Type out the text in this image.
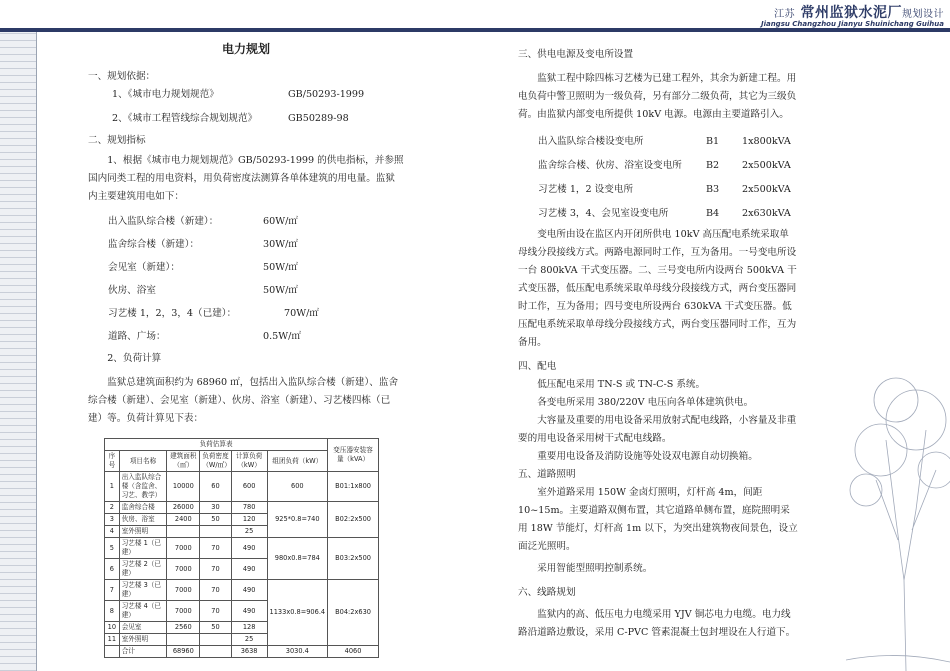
江苏 常州监狱水泥厂规划设计
Jiangsu Changzhou Jianyu Shuinichang Guihua
电力规划

一、规划依据：

1、《城市电力规划规范》	GB/50293-1999
2、《城市工程管线综合规划规范》	GB50289-98

二、规划指标

1、根据《城市电力规划规范》GB/50293-1999 的供电指标，并参照国内同类工程的用电资料，用负荷密度法测算各单体建筑的用电量。监狱内主要建筑用电如下：

出入监队综合楼（新建）：	60W/㎡
监舍综合楼（新建）：	30W/㎡
会见室（新建）：	50W/㎡
伙房、浴室	50W/㎡
习艺楼 1，2，3，4（已建）：	70W/㎡
道路、广场：	0.5W/㎡

2、负荷计算

监狱总建筑面积约为 68960 ㎡，包括出入监队综合楼（新建）、监舍综合楼（新建）、会见室（新建）、伙房、浴室（新建）、习艺楼四栋（已建）等。负荷计算见下表：

负荷估算表						变压器安装容量（kVA）
序号	项目名称	建筑面积（㎡）	负荷密度（W/㎡）	计算负荷（kW）	组团负荷（kW）	
1	出入监队综合楼（含监舍、习艺、教学）	10000	60	600	600	B01:1x800
2	监舍综合楼	26000	30	780	925*0.8=740	B02:2x500
3	伙房、浴室	2400	50	120		
4	室外照明			25		
5	习艺楼 1（已建）	7000	70	490	980x0.8=784	B03:2x500
6	习艺楼 2（已建）	7000	70	490		
7	习艺楼 3（已建）	7000	70	490	1133x0.8=906.4	B04:2x630
8	习艺楼 4（已建）	7000	70	490		
10	会见室	2560	50	128		
11	室外照明			25		
	合计	68960		3638	3030.4	4060

三、供电电源及变电所设置

监狱工程中除四栋习艺楼为已建工程外，其余为新建工程。用电负荷中警卫照明为一级负荷，另有部分二级负荷，其它为三级负荷。由监狱内部变电所提供 10kV 电源。电源由主要道路引入。

出入监队综合楼设变电所	B1	1x800kVA
监舍综合楼、伙房、浴室设变电所	B2	2x500kVA
习艺楼 1，2 设变电所	B3	2x500kVA
习艺楼 3，4、会见室设变电所	B4	2x630kVA

变电所由设在监区内开闭所供电 10kV 高压配电系统采取单母线分段接线方式。两路电源同时工作，互为备用。一号变电所设一台 800kVA 干式变压器。二、三号变电所内设两台 500kVA 干式变压器，低压配电系统采取单母线分段接线方式，两台变压器同时工作，互为备用；四号变电所设两台 630kVA 干式变压器。低压配电系统采取单母线分段接线方式，两台变压器同时工作，互为备用。

四、配电

低压配电采用 TN-S 或 TN-C-S 系统。

各变电所采用 380/220V 电压向各单体建筑供电。

大容量及重要的用电设备采用放射式配电线路，小容量及非重要的用电设备采用树干式配电线路。

重要用电设备及消防设施等处设双电源自动切换箱。

五、道路照明

室外道路采用 150W 金卤灯照明，灯杆高 4m，间距 10~15m。主要道路双侧布置，其它道路单侧布置，庭院照明采用 18W 节能灯，灯杆高 1m 以下，为突出建筑物夜间景色，设立面泛光照明。

采用智能型照明控制系统。

六、线路规划

监狱内的高、低压电力电缆采用 YJV 铜芯电力电缆。电力线路沿道路边敷设，采用 C-PVC 管素混凝土包封埋设在人行道下。
